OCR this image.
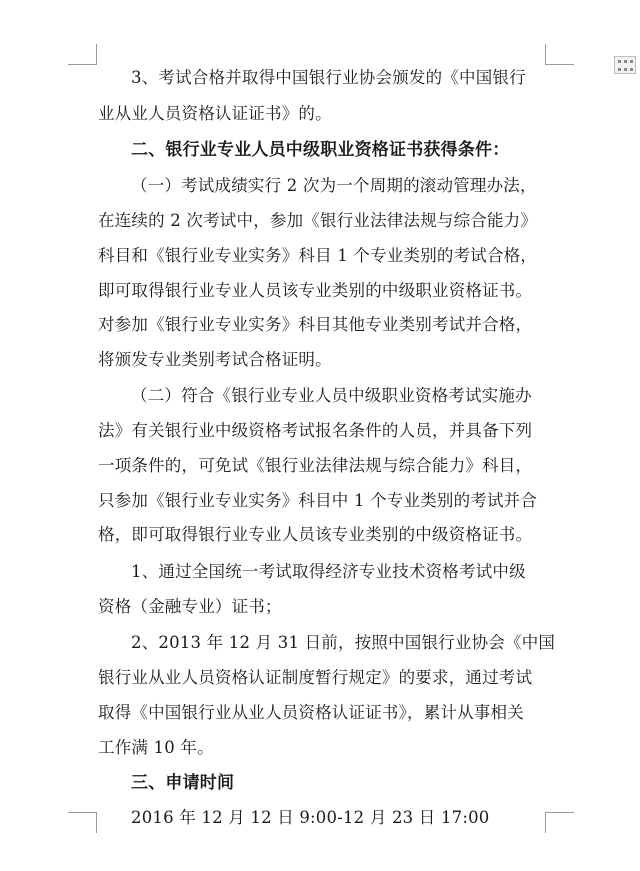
3、考试合格并取得中国银行业协会颁发的《中国银行
业从业人员资格认证证书》的。
二、银行业专业人员中级职业资格证书获得条件：
（一）考试成绩实行 2 次为一个周期的滚动管理办法，
在连续的 2 次考试中，参加《银行业法律法规与综合能力》
科目和《银行业专业实务》科目 1 个专业类别的考试合格，
即可取得银行业专业人员该专业类别的中级职业资格证书。
对参加《银行业专业实务》科目其他专业类别考试并合格，
将颁发专业类别考试合格证明。
（二）符合《银行业专业人员中级职业资格考试实施办
法》有关银行业中级资格考试报名条件的人员，并具备下列
一项条件的，可免试《银行业法律法规与综合能力》科目，
只参加《银行业专业实务》科目中 1 个专业类别的考试并合
格，即可取得银行业专业人员该专业类别的中级资格证书。
1、通过全国统一考试取得经济专业技术资格考试中级
资格（金融专业）证书；
2、2013 年 12 月 31 日前，按照中国银行业协会《中国
银行业从业人员资格认证制度暂行规定》的要求，通过考试
取得《中国银行业从业人员资格认证证书》，累计从事相关
工作满 10 年。
三、申请时间
2016 年 12 月 12 日 9:00-12 月 23 日 17:00
